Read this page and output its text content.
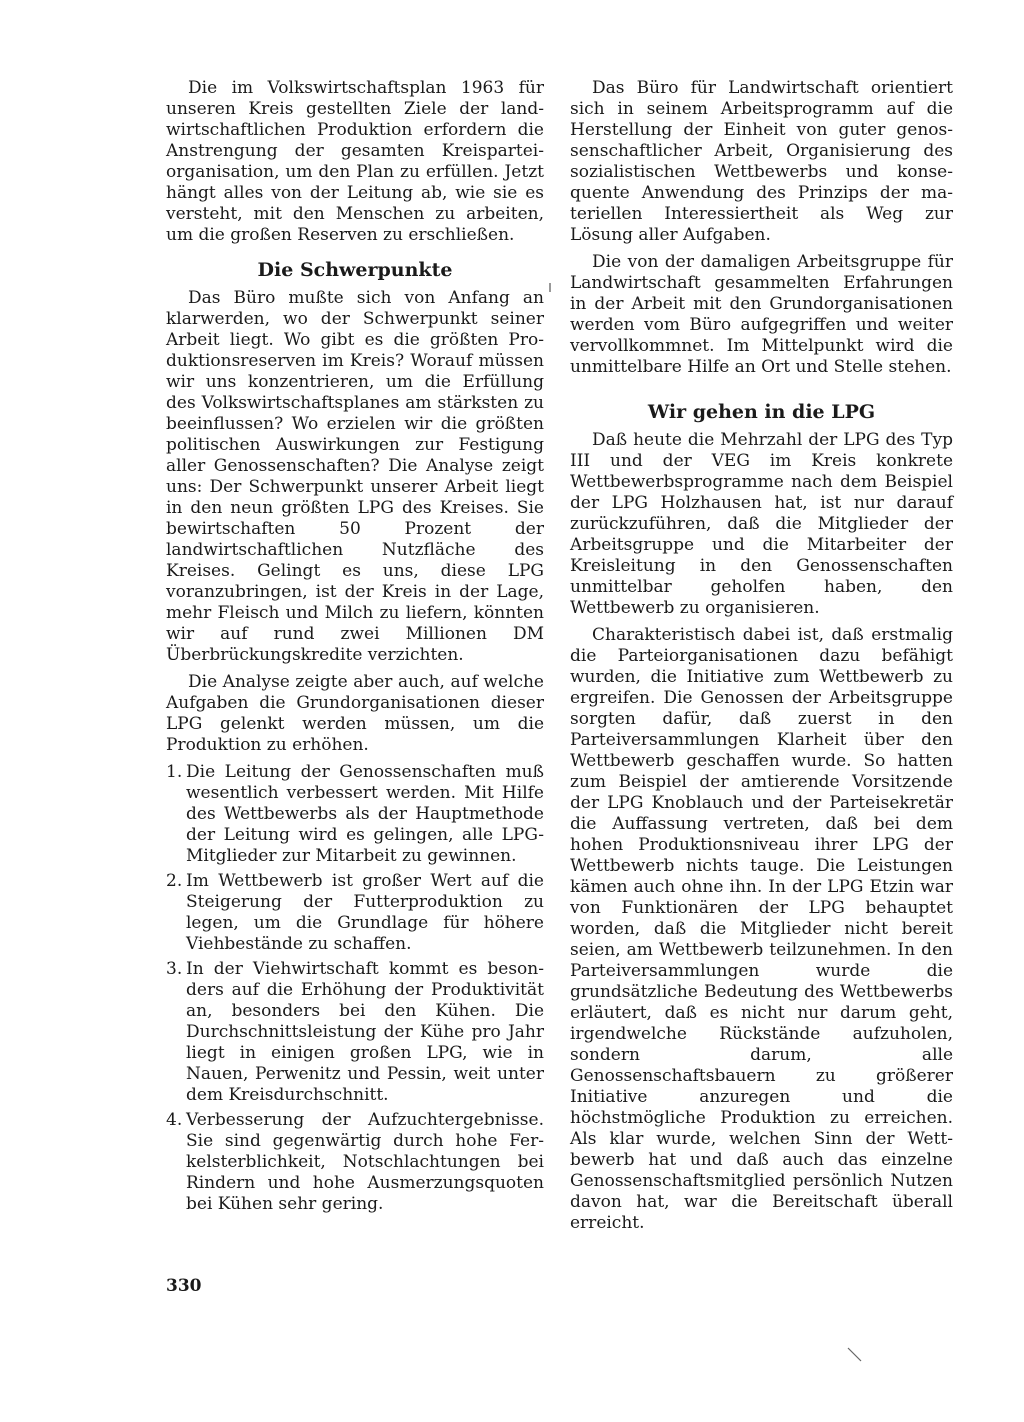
Die im Volkswirtschaftsplan 1963 für unseren Kreis gestellten Ziele der landwirtschaftlichen Produktion erfordern die Anstrengung der gesamten Kreisparteiorganisation, um den Plan zu erfüllen. Jetzt hängt alles von der Leitung ab, wie sie es versteht, mit den Menschen zu arbeiten, um die großen Reserven zu erschließen.

Die Schwerpunkte

Das Büro mußte sich von Anfang an klarwerden, wo der Schwerpunkt seiner Arbeit liegt. Wo gibt es die größten Produktionsreserven im Kreis? Worauf müssen wir uns konzentrieren, um die Erfüllung des Volkswirtschaftsplanes am stärksten zu beeinflussen? Wo erzielen wir die größten politischen Auswirkungen zur Festigung aller Genossenschaften? Die Analyse zeigt uns: Der Schwerpunkt unserer Arbeit liegt in den neun größten LPG des Kreises. Sie bewirtschaften 50 Prozent der landwirtschaftlichen Nutzfläche des Kreises. Gelingt es uns, diese LPG voranzubringen, ist der Kreis in der Lage, mehr Fleisch und Milch zu liefern, könnten wir auf rund zwei Millionen DM Überbrückungskredite verzichten.

Die Analyse zeigte aber auch, auf welche Aufgaben die Grundorganisationen dieser LPG gelenkt werden müssen, um die Produktion zu erhöhen.

1. Die Leitung der Genossenschaften muß wesentlich verbessert werden. Mit Hilfe des Wettbewerbs als der Hauptmethode der Leitung wird es gelingen, alle LPG-Mitglieder zur Mitarbeit zu gewinnen.
2. Im Wettbewerb ist großer Wert auf die Steigerung der Futterproduktion zu legen, um die Grundlage für höhere Viehbestände zu schaffen.
3. In der Viehwirtschaft kommt es besonders auf die Erhöhung der Produktivität an, besonders bei den Kühen. Die Durchschnittsleistung der Kühe pro Jahr liegt in einigen großen LPG, wie in Nauen, Perwenitz und Pessin, weit unter dem Kreisdurchschnitt.
4. Verbesserung der Aufzuchtergebnisse. Sie sind gegenwärtig durch hohe Ferkelsterblichkeit, Notschlachtungen bei Rindern und hohe Ausmerzungsquoten bei Kühen sehr gering.

Das Büro für Landwirtschaft orientiert sich in seinem Arbeitsprogramm auf die Herstellung der Einheit von guter genossenschaftlicher Arbeit, Organisierung des sozialistischen Wettbewerbs und konsequente Anwendung des Prinzips der materiellen Interessiertheit als Weg zur Lösung aller Aufgaben.

Die von der damaligen Arbeitsgruppe für Landwirtschaft gesammelten Erfahrungen in der Arbeit mit den Grundorganisationen werden vom Büro aufgegriffen und weiter vervollkommnet. Im Mittelpunkt wird die unmittelbare Hilfe an Ort und Stelle stehen.

Wir gehen in die LPG

Daß heute die Mehrzahl der LPG des Typ III und der VEG im Kreis konkrete Wettbewerbsprogramme nach dem Beispiel der LPG Holzhausen hat, ist nur darauf zurückzuführen, daß die Mitglieder der Arbeitsgruppe und die Mitarbeiter der Kreisleitung in den Genossenschaften unmittelbar geholfen haben, den Wettbewerb zu organisieren.

Charakteristisch dabei ist, daß erstmalig die Parteiorganisationen dazu befähigt wurden, die Initiative zum Wettbewerb zu ergreifen. Die Genossen der Arbeitsgruppe sorgten dafür, daß zuerst in den Parteiversammlungen Klarheit über den Wettbewerb geschaffen wurde. So hatten zum Beispiel der amtierende Vorsitzende der LPG Knoblauch und der Parteisekretär die Auffassung vertreten, daß bei dem hohen Produktionsniveau ihrer LPG der Wettbewerb nichts tauge. Die Leistungen kämen auch ohne ihn. In der LPG Etzin war von Funktionären der LPG behauptet worden, daß die Mitglieder nicht bereit seien, am Wettbewerb teilzunehmen. In den Parteiversammlungen wurde die grundsätzliche Bedeutung des Wettbewerbs erläutert, daß es nicht nur darum geht, irgendwelche Rückstände aufzuholen, sondern darum, alle Genossenschaftsbauern zu größerer Initiative anzuregen und die höchstmögliche Produktion zu erreichen. Als klar wurde, welchen Sinn der Wettbewerb hat und daß auch das einzelne Genossenschaftsmitglied persönlich Nutzen davon hat, war die Bereitschaft überall erreicht.

330
